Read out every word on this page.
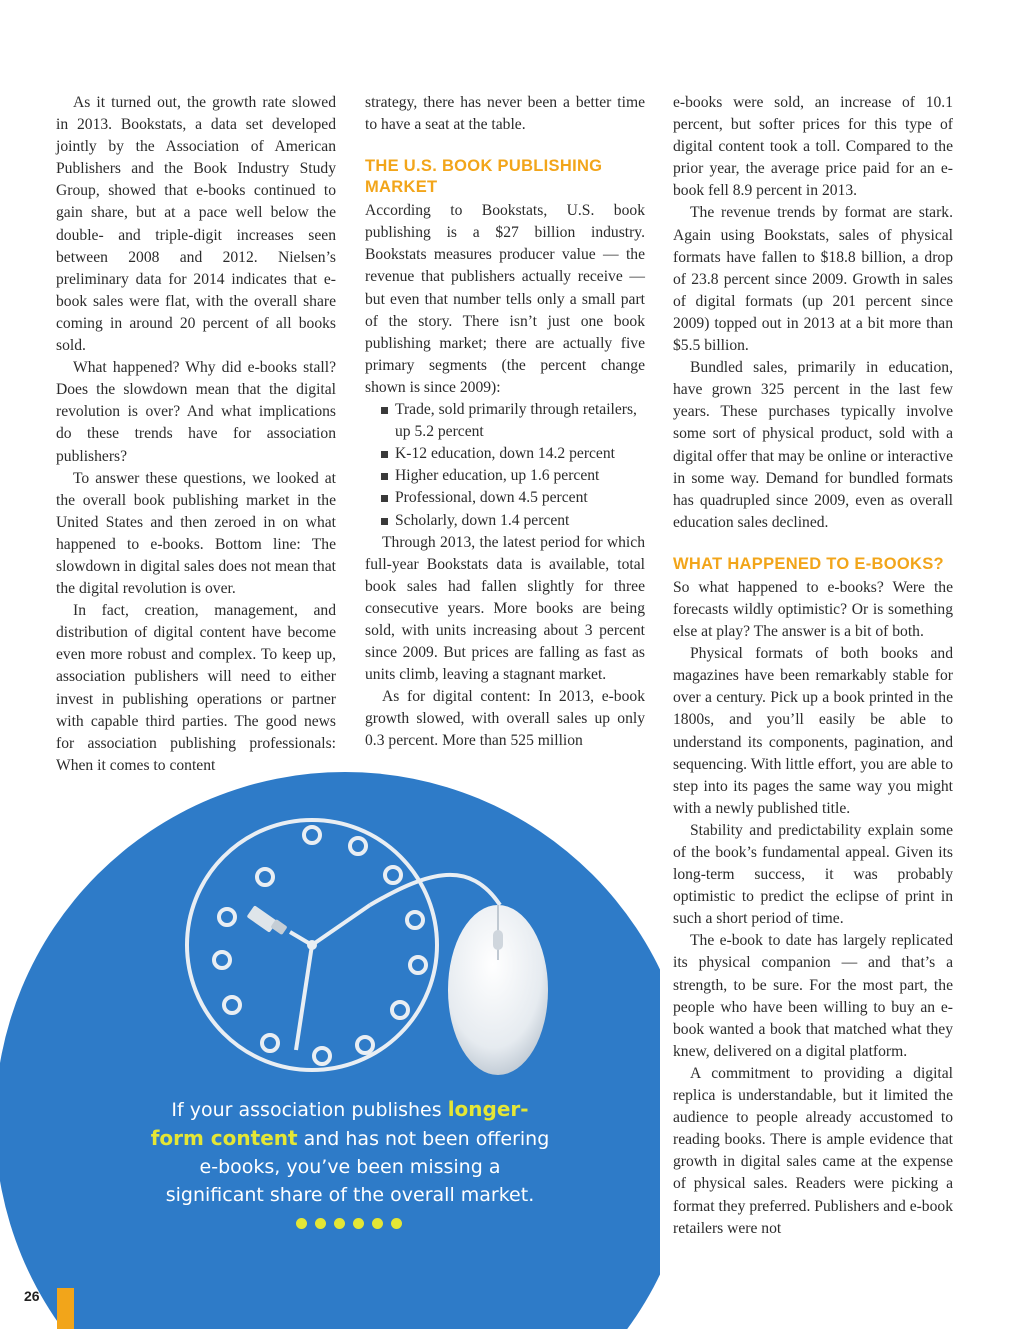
As it turned out, the growth rate slowed in 2013. Bookstats, a data set developed jointly by the Association of American Publishers and the Book Industry Study Group, showed that e-books continued to gain share, but at a pace well below the double- and triple-digit increases seen between 2008 and 2012. Nielsen’s preliminary data for 2014 indicates that e-book sales were flat, with the overall share coming in around 20 percent of all books sold.

What happened? Why did e-books stall? Does the slowdown mean that the digital revolution is over? And what implications do these trends have for association publishers?

To answer these questions, we looked at the overall book publishing market in the United States and then zeroed in on what happened to e-books. Bottom line: The slowdown in digital sales does not mean that the digital revolution is over.

In fact, creation, management, and distribution of digital content have become even more robust and complex. To keep up, association publishers will need to either invest in publishing operations or partner with capable third parties. The good news for association publishing professionals: When it comes to content

strategy, there has never been a better time to have a seat at the table.

THE U.S. BOOK PUBLISHING MARKET

According to Bookstats, U.S. book publishing is a $27 billion industry. Bookstats measures producer value — the revenue that publishers actually receive — but even that number tells only a small part of the story. There isn’t just one book publishing market; there are actually five primary segments (the percent change shown is since 2009):

Trade, sold primarily through retailers, up 5.2 percent
K-12 education, down 14.2 percent
Higher education, up 1.6 percent
Professional, down 4.5 percent
Scholarly, down 1.4 percent

Through 2013, the latest period for which full-year Bookstats data is available, total book sales had fallen slightly for three consecutive years. More books are being sold, with units increasing about 3 percent since 2009. But prices are falling as fast as units climb, leaving a stagnant market.

As for digital content: In 2013, e-book growth slowed, with overall sales up only 0.3 percent. More than 525 million

e-books were sold, an increase of 10.1 percent, but softer prices for this type of digital content took a toll. Compared to the prior year, the average price paid for an e-book fell 8.9 percent in 2013.

The revenue trends by format are stark. Again using Bookstats, sales of physical formats have fallen to $18.8 billion, a drop of 23.8 percent since 2009. Growth in sales of digital formats (up 201 percent since 2009) topped out in 2013 at a bit more than $5.5 billion.

Bundled sales, primarily in education, have grown 325 percent in the last few years. These purchases typically involve some sort of physical product, sold with a digital offer that may be online or interactive in some way. Demand for bundled formats has quadrupled since 2009, even as overall education sales declined.

WHAT HAPPENED TO E-BOOKS?

So what happened to e-books? Were the forecasts wildly optimistic? Or is something else at play? The answer is a bit of both.

Physical formats of both books and magazines have been remarkably stable for over a century. Pick up a book printed in the 1800s, and you’ll easily be able to understand its components, pagination, and sequencing. With little effort, you are able to step into its pages the same way you might with a newly published title.

Stability and predictability explain some of the book’s fundamental appeal. Given its long-term success, it was probably optimistic to predict the eclipse of print in such a short period of time.

The e-book to date has largely replicated its physical companion — and that’s a strength, to be sure. For the most part, the people who have been willing to buy an e-book wanted a book that matched what they knew, delivered on a digital platform.

A commitment to providing a digital replica is understandable, but it limited the audience to people already accustomed to reading books. There is ample evidence that growth in digital sales came at the expense of physical sales. Readers were picking a format they preferred. Publishers and e-book retailers were not

If your association publishes longer-form content and has not been offering e-books, you’ve been missing a significant share of the overall market.
26
